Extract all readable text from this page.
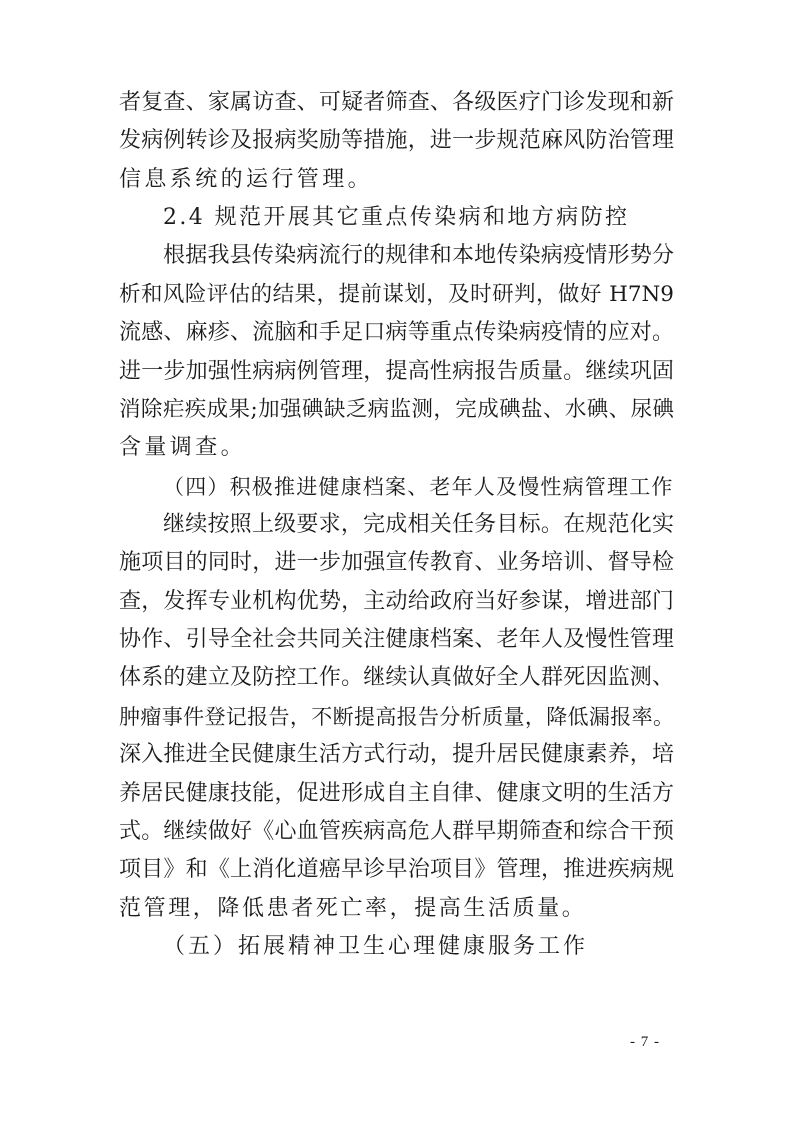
者复查、家属访查、可疑者筛查、各级医疗门诊发现和新
发病例转诊及报病奖励等措施，进一步规范麻风防治管理
信息系统的运行管理。
2.4 规范开展其它重点传染病和地方病防控
根据我县传染病流行的规律和本地传染病疫情形势分
析和风险评估的结果，提前谋划，及时研判，做好 H7N9
流感、麻疹、流脑和手足口病等重点传染病疫情的应对。
进一步加强性病病例管理，提高性病报告质量。继续巩固
消除疟疾成果;加强碘缺乏病监测，完成碘盐、水碘、尿碘
含量调查。
（四）积极推进健康档案、老年人及慢性病管理工作
继续按照上级要求，完成相关任务目标。在规范化实
施项目的同时，进一步加强宣传教育、业务培训、督导检
查，发挥专业机构优势，主动给政府当好参谋，增进部门
协作、引导全社会共同关注健康档案、老年人及慢性管理
体系的建立及防控工作。继续认真做好全人群死因监测、
肿瘤事件登记报告，不断提高报告分析质量，降低漏报率。
深入推进全民健康生活方式行动，提升居民健康素养，培
养居民健康技能，促进形成自主自律、健康文明的生活方
式。继续做好《心血管疾病高危人群早期筛查和综合干预
项目》和《上消化道癌早诊早治项目》管理，推进疾病规
范管理，降低患者死亡率，提高生活质量。
- 7 -
（五）拓展精神卫生心理健康服务工作
